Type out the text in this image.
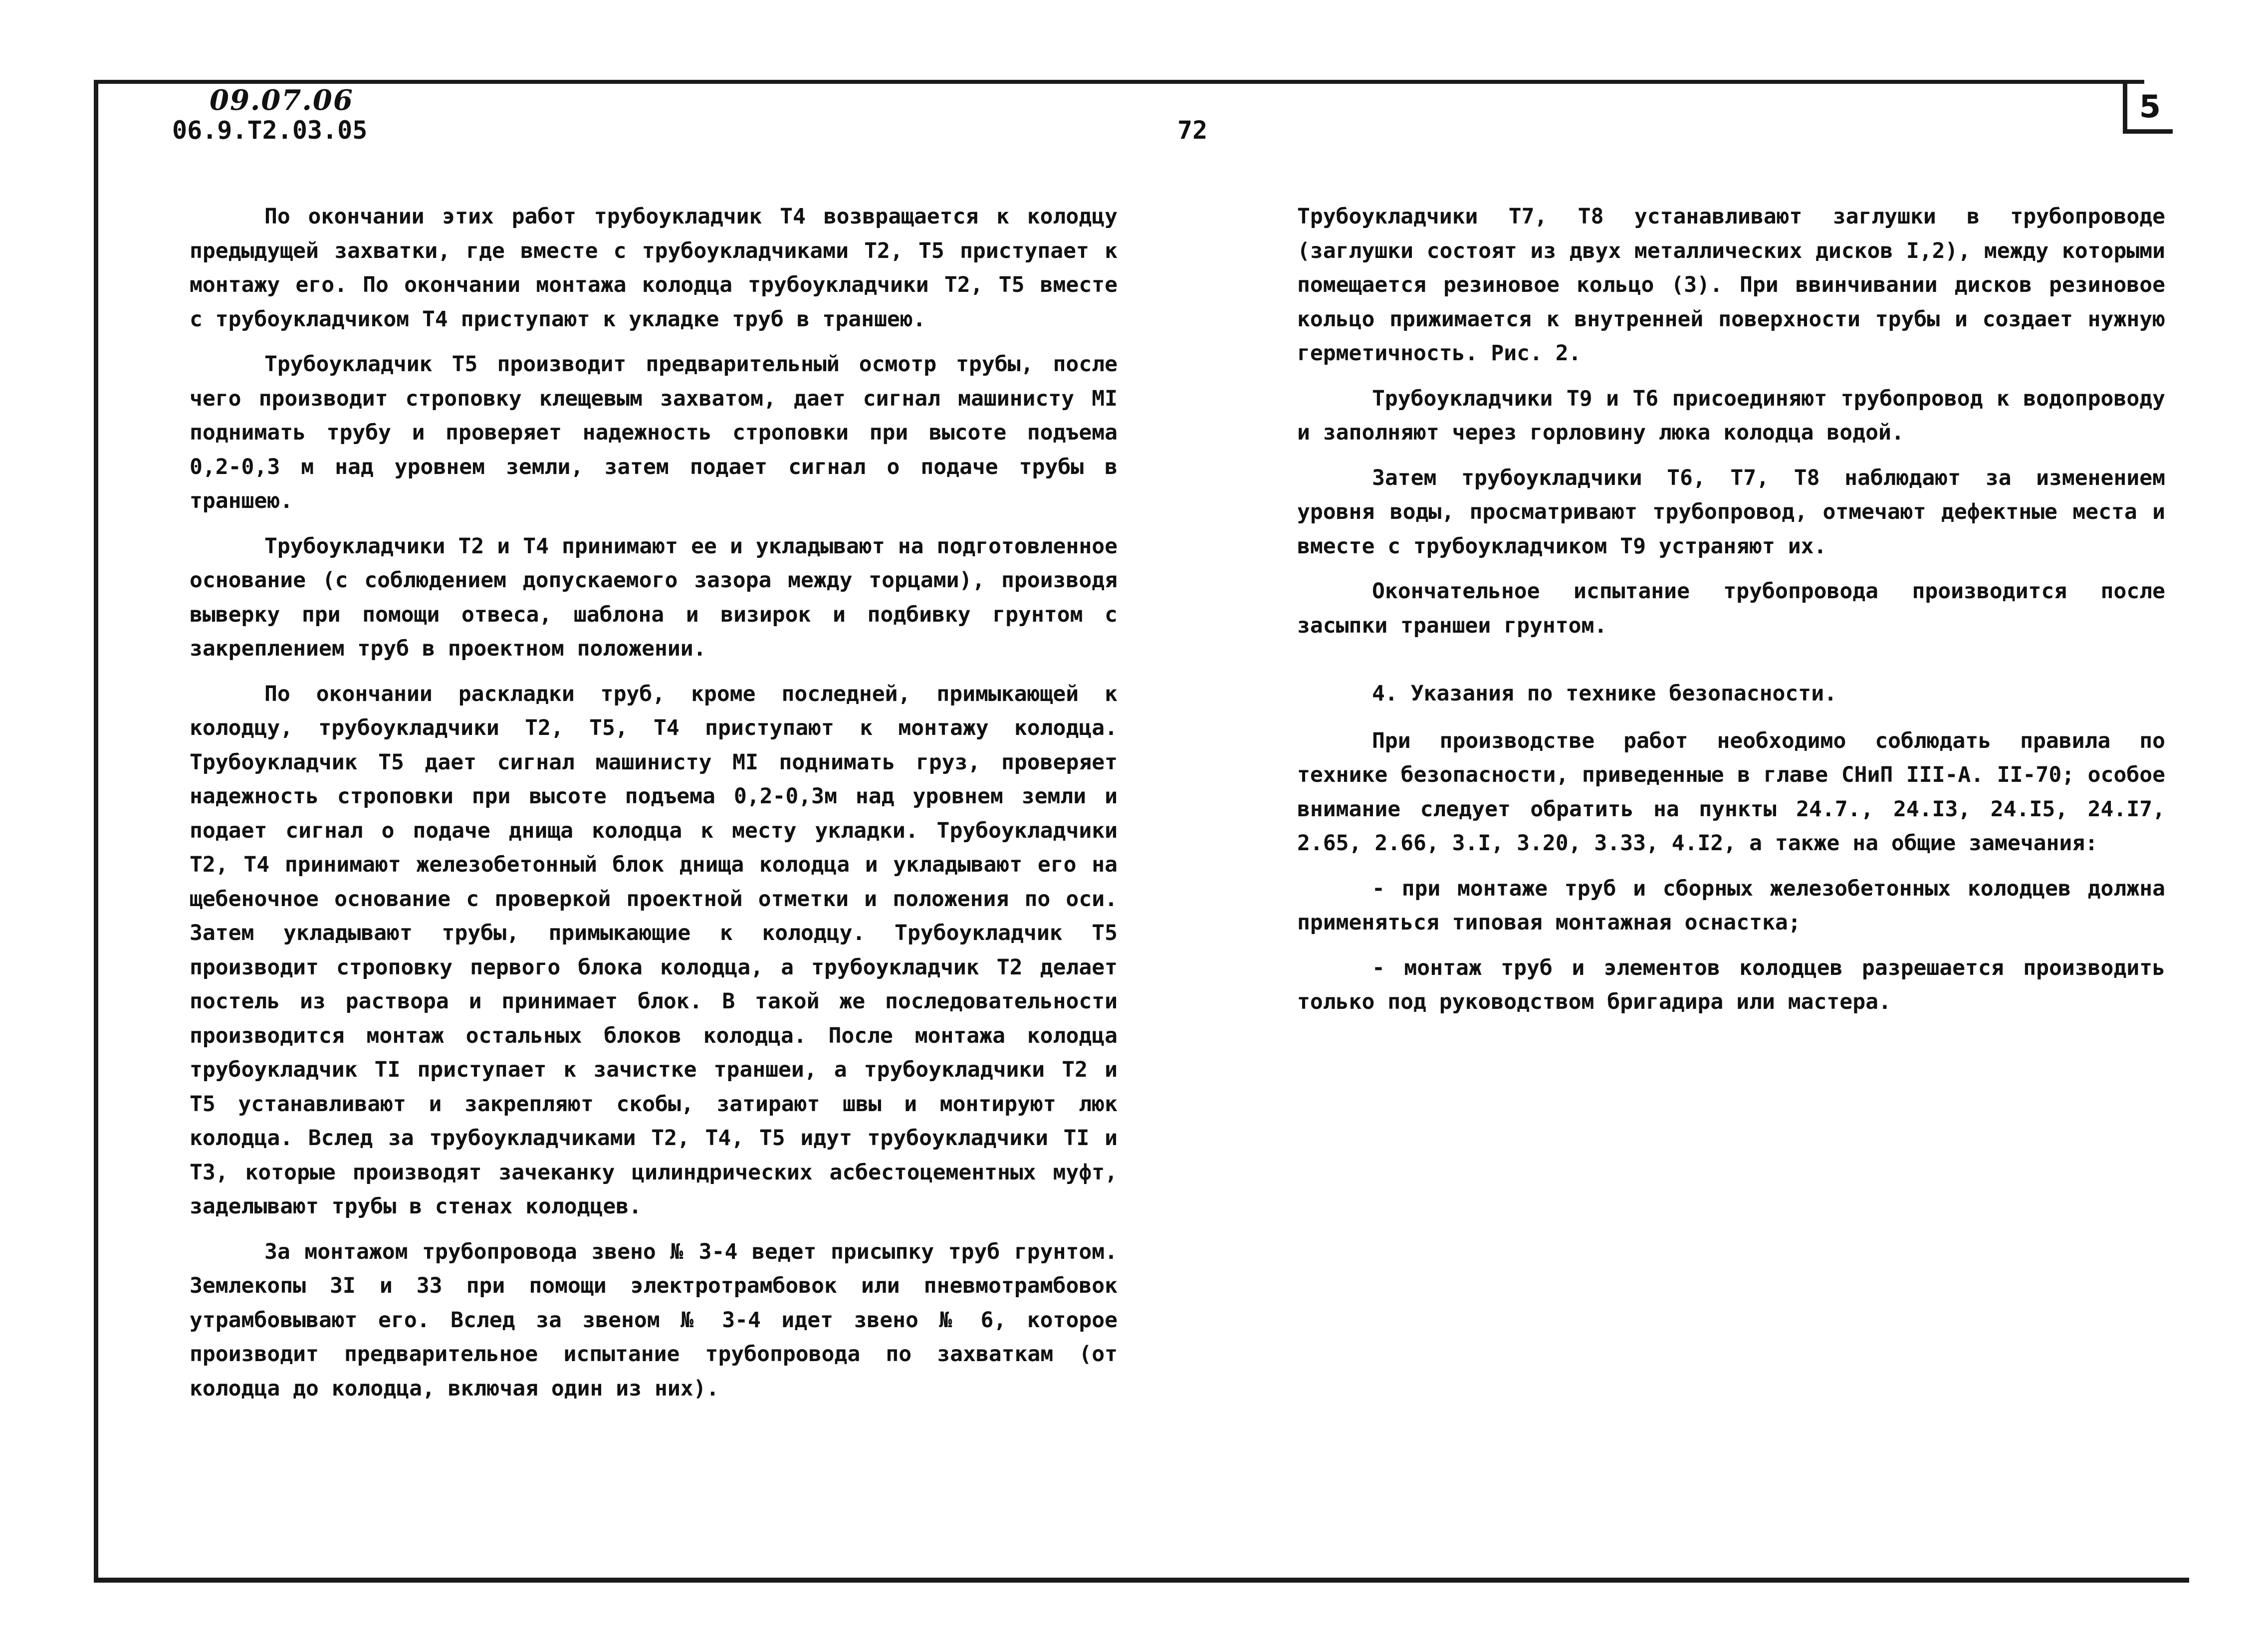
09.07.06
06.9.T2.03.05	72
5

По окончании этих работ трубоукладчик Т4 возвращается к колодцу предыдущей захватки, где вместе с трубоукладчиками Т2, Т5 приступает к монтажу его. По окончании монтажа колодца трубоукладчики Т2, Т5 вместе с трубоукладчиком Т4 приступают к укладке труб в траншею.

Трубоукладчик Т5 производит предварительный осмотр трубы, после чего производит строповку клещевым захватом, дает сигнал машинисту МI поднимать трубу и проверяет надежность строповки при высоте подъема 0,2-0,3 м над уровнем земли, затем подает сигнал о подаче трубы в траншею.

Трубоукладчики Т2 и Т4 принимают ее и укладывают на подготовленное основание (с соблюдением допускаемого зазора между торцами), производя выверку при помощи отвеса, шаблона и визирок и подбивку грунтом с закреплением труб в проектном положении.

По окончании раскладки труб, кроме последней, примыкающей к колодцу, трубоукладчики Т2, Т5, Т4 приступают к монтажу колодца. Трубоукладчик Т5 дает сигнал машинисту МI поднимать груз, проверяет надежность строповки при высоте подъема 0,2-0,3м над уровнем земли и подает сигнал о подаче днища колодца к месту укладки. Трубоукладчики Т2, Т4 принимают железобетонный блок днища колодца и укладывают его на щебеночное основание с проверкой проектной отметки и положения по оси. Затем укладывают трубы, примыкающие к колодцу. Трубоукладчик Т5 производит строповку первого блока колодца, а трубоукладчик Т2 делает постель из раствора и принимает блок. В такой же последовательности производится монтаж остальных блоков колодца. После монтажа колодца трубоукладчик ТI приступает к зачистке траншеи, а трубоукладчики Т2 и Т5 устанавливают и закрепляют скобы, затирают швы и монтируют люк колодца. Вслед за трубоукладчиками Т2, Т4, Т5 идут трубоукладчики ТI и Т3, которые производят зачеканку цилиндрических асбестоцементных муфт, заделывают трубы в стенах колодцев.

За монтажом трубопровода звено № 3-4 ведет присыпку труб грунтом. Землекопы ЗI и З3 при помощи электротрамбовок или пневмотрамбовок утрамбовывают его. Вслед за звеном № 3-4 идет звено № 6, которое производит предварительное испытание трубопровода по захваткам (от колодца до колодца, включая один из них).

Трубоукладчики Т7, Т8 устанавливают заглушки в трубопроводе (заглушки состоят из двух металлических дисков I,2), между которыми помещается резиновое кольцо (3). При ввинчивании дисков резиновое кольцо прижимается к внутренней поверхности трубы и создает нужную герметичность. Рис. 2.

Трубоукладчики Т9 и Т6 присоединяют трубопровод к водопроводу и заполняют через горловину люка колодца водой.

Затем трубоукладчики Т6, Т7, Т8 наблюдают за изменением уровня воды, просматривают трубопровод, отмечают дефектные места и вместе с трубоукладчиком Т9 устраняют их.

Окончательное испытание трубопровода производится после засыпки траншеи грунтом.

4. Указания по технике безопасности.

При производстве работ необходимо соблюдать правила по технике безопасности, приведенные в главе СНиП III-А. II-70; особое внимание следует обратить на пункты 24.7., 24.I3, 24.I5, 24.I7, 2.65, 2.66, 3.I, 3.20, 3.33, 4.I2, а также на общие замечания:

- при монтаже труб и сборных железобетонных колодцев должна применяться типовая монтажная оснастка;

- монтаж труб и элементов колодцев разрешается производить только под руководством бригадира или мастера.
